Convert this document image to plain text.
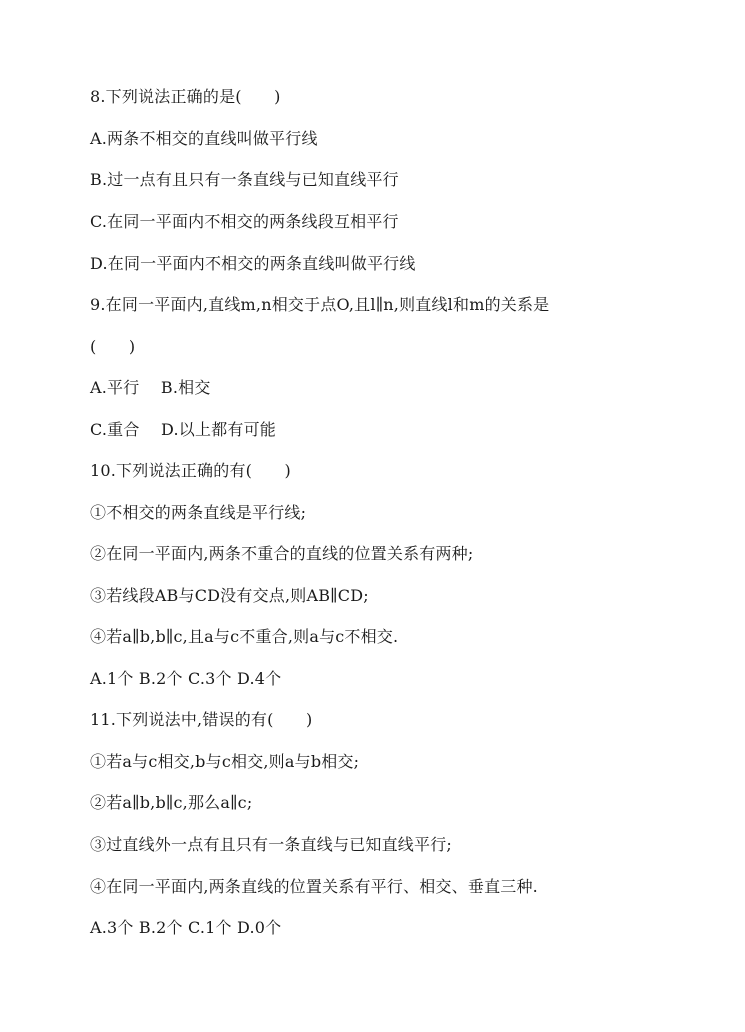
8.下列说法正确的是(　　)
A.两条不相交的直线叫做平行线
B.过一点有且只有一条直线与已知直线平行
C.在同一平面内不相交的两条线段互相平行
D.在同一平面内不相交的两条直线叫做平行线
9.在同一平面内,直线m,n相交于点O,且l∥n,则直线l和m的关系是
(　　)
A.平行　 B.相交
C.重合　 D.以上都有可能
10.下列说法正确的有(　　)
①不相交的两条直线是平行线;
②在同一平面内,两条不重合的直线的位置关系有两种;
③若线段AB与CD没有交点,则AB∥CD;
④若a∥b,b∥c,且a与c不重合,则a与c不相交.
A.1个 B.2个 C.3个 D.4个
11.下列说法中,错误的有(　　)
①若a与c相交,b与c相交,则a与b相交;
②若a∥b,b∥c,那么a∥c;
③过直线外一点有且只有一条直线与已知直线平行;
④在同一平面内,两条直线的位置关系有平行、相交、垂直三种.
A.3个 B.2个 C.1个 D.0个
